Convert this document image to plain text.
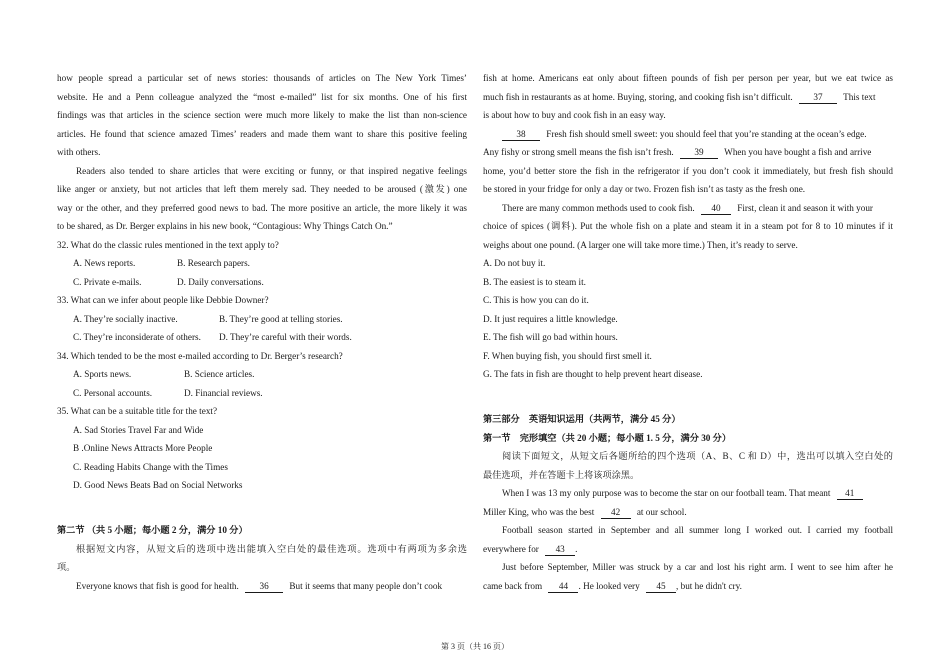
how people spread a particular set of news stories: thousands of articles on The New York Times’
website. He and a Penn colleague analyzed the “most e-mailed” list for six months. One of his first
findings was that articles in the science section were much more likely to make the list than non-science
articles. He found that science amazed Times’ readers and made them want to share this positive feeling
with others.
Readers also tended to share articles that were exciting or funny, or that inspired negative feelings
like anger or anxiety, but not articles that left them merely sad. They needed to be aroused (激发) one
way or the other, and they preferred good news to bad. The more positive an article, the more likely it was
to be shared, as Dr. Berger explains in his new book, “Contagious: Why Things Catch On.”
32. What do the classic rules mentioned in the text apply to?
A. News reports.	B. Research papers.
C. Private e-mails.	D. Daily conversations.
33. What can we infer about people like Debbie Downer?
A. They’re socially inactive.	B. They’re good at telling stories.
C. They’re inconsiderate of others. D. They’re careful with their words.
34. Which tended to be the most e-mailed according to Dr. Berger’s research?
A. Sports news.	B. Science articles.
C. Personal accounts.	D. Financial reviews.
35. What can be a suitable title for the text?
A. Sad Stories Travel Far and Wide
B .Online News Attracts More People
C. Reading Habits Change with the Times
D. Good News Beats Bad on Social Networks
第二节 （共 5 小题；每小题 2 分，满分 10 分）
根据短文内容，从短文后的选项中选出能填入空白处的最佳选项。选项中有两项为多余选
项。
Everyone knows that fish is good for health. 36 But it seems that many people don’t cook
fish at home. Americans eat only about fifteen pounds of fish per person per year, but we eat twice as
much fish in restaurants as at home. Buying, storing, and cooking fish isn’t difficult. 37 This text
is about how to buy and cook fish in an easy way.
38 Fresh fish should smell sweet: you should feel that you’re standing at the ocean’s edge.
Any fishy or strong smell means the fish isn’t fresh. 39 When you have bought a fish and arrive
home, you’d better store the fish in the refrigerator if you don’t cook it immediately, but fresh fish should
be stored in your fridge for only a day or two. Frozen fish isn’t as tasty as the fresh one.
There are many common methods used to cook fish. 40 First, clean it and season it with your
choice of spices (调料). Put the whole fish on a plate and steam it in a steam pot for 8 to 10 minutes if it
weighs about one pound. (A larger one will take more time.) Then, it’s ready to serve.
A. Do not buy it.
B. The easiest is to steam it.
C. This is how you can do it.
D. It just requires a little knowledge.
E. The fish will go bad within hours.
F. When buying fish, you should first smell it.
G. The fats in fish are thought to help prevent heart disease.
第三部分　英语知识运用（共两节，满分 45 分）
第一节　完形填空（共 20 小题；每小题 1. 5 分，满分 30 分）
阅读下面短文，从短文后各题所给的四个选项（A、B、C 和 D）中，选出可以填入空白处的
最佳选项，并在答题卡上将该项涂黑。
When I was 13 my only purpose was to become the star on our football team. That meant 41
Miller King, who was the best 42 at our school.
Football season started in September and all summer long I worked out. I carried my football
everywhere for 43 .
Just before September, Miller was struck by a car and lost his right arm. I went to see him after he
came back from 44 . He looked very 45 , but he didn't cry.
第 3 页（共 16 页）
